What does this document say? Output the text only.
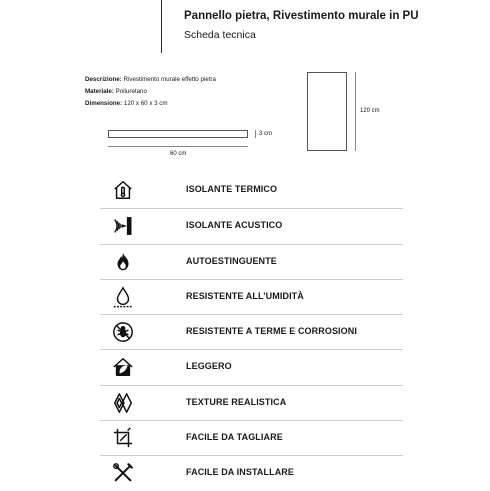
Pannello pietra, Rivestimento murale in PU
Scheda tecnica
Descrizione: Rivestimento murale effetto pietra
Materiale: Poliuretano
Dimensione: 120 x 60 x 3 cm
120 cm
3 cm
60 cm
ISOLANTE TERMICO
ISOLANTE ACUSTICO
AUTOESTINGUENTE
RESISTENTE ALL’UMIDITÀ
RESISTENTE A TERME E CORROSIONI
LEGGERO
TEXTURE REALISTICA
FACILE DA TAGLIARE
FACILE DA INSTALLARE
